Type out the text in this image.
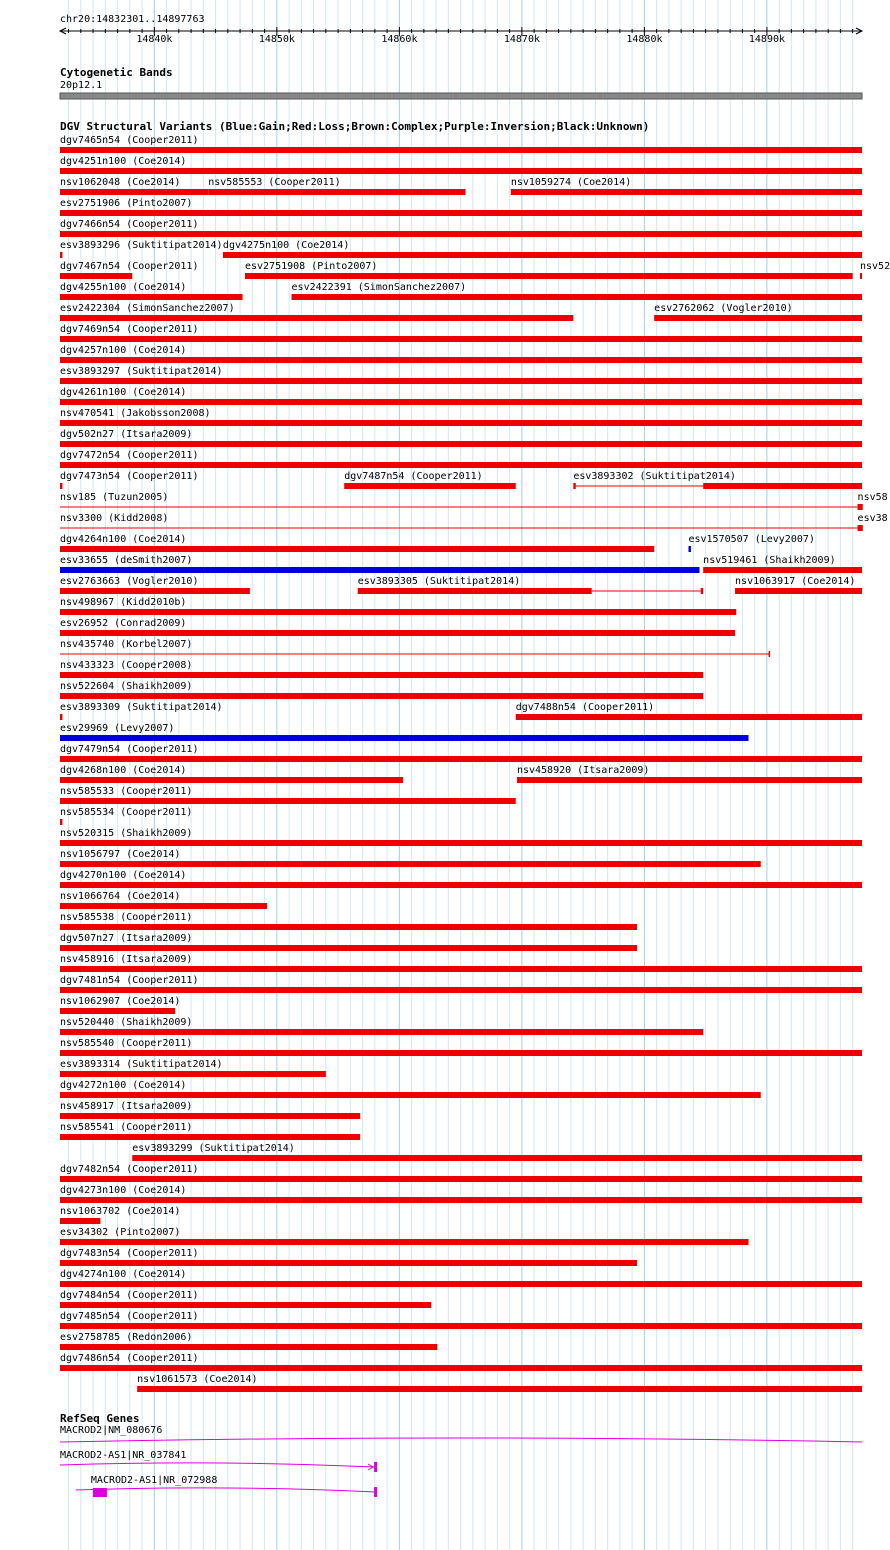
chr20:14832301..14897763
Cytogenetic Bands
20p12.1
DGV Structural Variants (Blue:Gain;Red:Loss;Brown:Complex;Purple:Inversion;Black:Unknown)
dgv7465n54 (Cooper2011)
dgv4251n100 (Coe2014)
nsv1062048 (Coe2014)	nsv585553 (Cooper2011)	nsv1059274 (Coe2014)
esv2751906 (Pinto2007)
dgv7466n54 (Cooper2011)
esv3893296 (Suktitipat2014) dgv4275n100 (Coe2014)
dgv7467n54 (Cooper2011)	esv2751908 (Pinto2007)	nsv52
dgv4255n100 (Coe2014)	esv2422391 (SimonSanchez2007)
esv2422304 (SimonSanchez2007)	esv2762062 (Vogler2010)
dgv7469n54 (Cooper2011)
dgv4257n100 (Coe2014)
esv3893297 (Suktitipat2014)
dgv4261n100 (Coe2014)
nsv470541 (Jakobsson2008)
dgv502n27 (Itsara2009)
dgv7472n54 (Cooper2011)
dgv7473n54 (Cooper2011)	dgv7487n54 (Cooper2011)	esv3893302 (Suktitipat2014)
nsv185 (Tuzun2005)	nsv58
nsv3300 (Kidd2008)	esv38
dgv4264n100 (Coe2014)	esv1570507 (Levy2007)
esv33655 (deSmith2007)	nsv519461 (Shaikh2009)
esv2763663 (Vogler2010)	esv3893305 (Suktitipat2014)	nsv1063917 (Coe2014)
nsv498967 (Kidd2010b)
esv26952 (Conrad2009)
nsv435740 (Korbel2007)
nsv433323 (Cooper2008)
nsv522604 (Shaikh2009)
esv3893309 (Suktitipat2014)	dgv7488n54 (Cooper2011)
esv29969 (Levy2007)
dgv7479n54 (Cooper2011)
dgv4268n100 (Coe2014)	nsv458920 (Itsara2009)
nsv585533 (Cooper2011)
nsv585534 (Cooper2011)
nsv520315 (Shaikh2009)
nsv1056797 (Coe2014)
dgv4270n100 (Coe2014)
nsv1066764 (Coe2014)
nsv585538 (Cooper2011)
dgv507n27 (Itsara2009)
nsv458916 (Itsara2009)
dgv7481n54 (Cooper2011)
nsv1062907 (Coe2014)
nsv520440 (Shaikh2009)
nsv585540 (Cooper2011)
esv3893314 (Suktitipat2014)
dgv4272n100 (Coe2014)
nsv458917 (Itsara2009)
nsv585541 (Cooper2011)
esv3893299 (Suktitipat2014)
dgv7482n54 (Cooper2011)
dgv4273n100 (Coe2014)
nsv1063702 (Coe2014)
esv34302 (Pinto2007)
dgv7483n54 (Cooper2011)
dgv4274n100 (Coe2014)
dgv7484n54 (Cooper2011)
dgv7485n54 (Cooper2011)
esv2758785 (Redon2006)
dgv7486n54 (Cooper2011)
nsv1061573 (Coe2014)
RefSeq Genes
MACROD2|NM_080676
MACROD2-AS1|NR_037841
MACROD2-AS1|NR_072988
14840k	14850k	14860k	14870k	14880k	14890k
